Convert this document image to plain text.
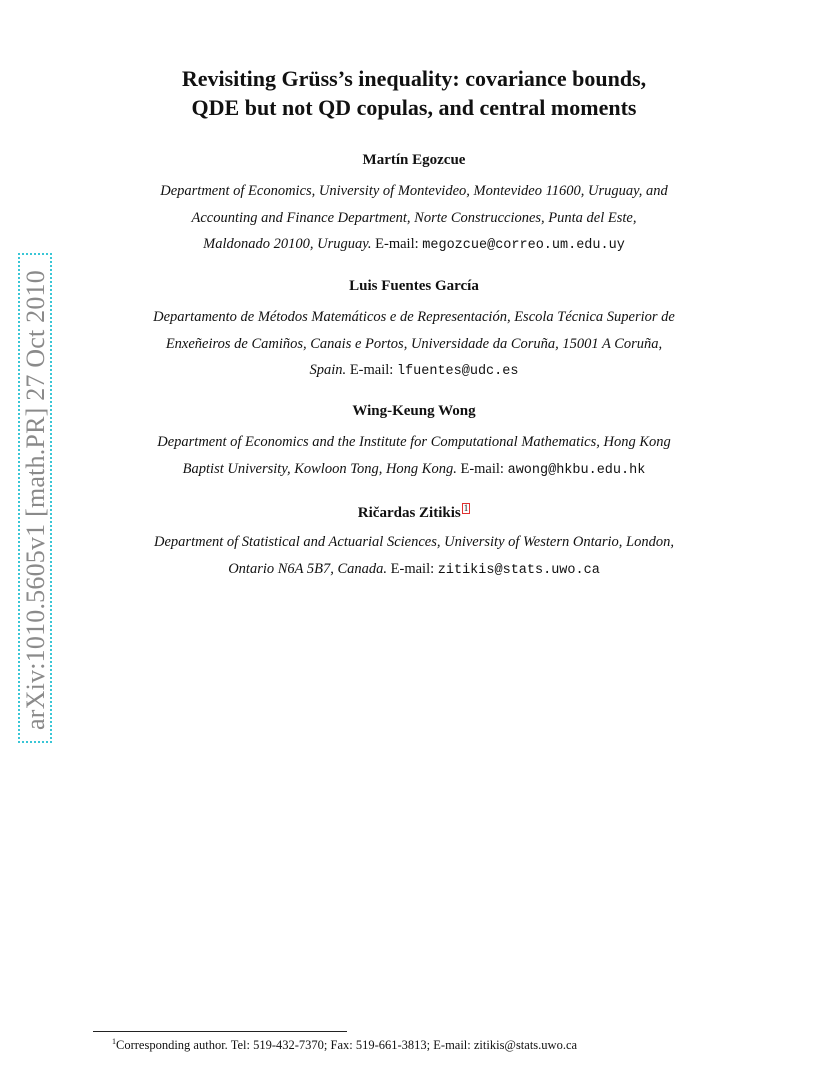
arXiv:1010.5605v1 [math.PR] 27 Oct 2010
Revisiting Grüss’s inequality: covariance bounds,
QDE but not QD copulas, and central moments
Martín Egozcue
Department of Economics, University of Montevideo, Montevideo 11600, Uruguay, and
Accounting and Finance Department, Norte Construcciones, Punta del Este,
Maldonado 20100, Uruguay. E-mail: megozcue@correo.um.edu.uy
Luis Fuentes García
Departamento de Métodos Matemáticos e de Representación, Escola Técnica Superior de
Enxeñeiros de Camiños, Canais e Portos, Universidade da Coruña, 15001 A Coruña,
Spain. E-mail: lfuentes@udc.es
Wing-Keung Wong
Department of Economics and the Institute for Computational Mathematics, Hong Kong
Baptist University, Kowloon Tong, Hong Kong. E-mail: awong@hkbu.edu.hk
Ričardas Zitikis 1
Department of Statistical and Actuarial Sciences, University of Western Ontario, London,
Ontario N6A 5B7, Canada. E-mail: zitikis@stats.uwo.ca
$^1$Corresponding author. Tel: 519-432-7370; Fax: 519-661-3813; E-mail: zitikis@stats.uwo.ca
